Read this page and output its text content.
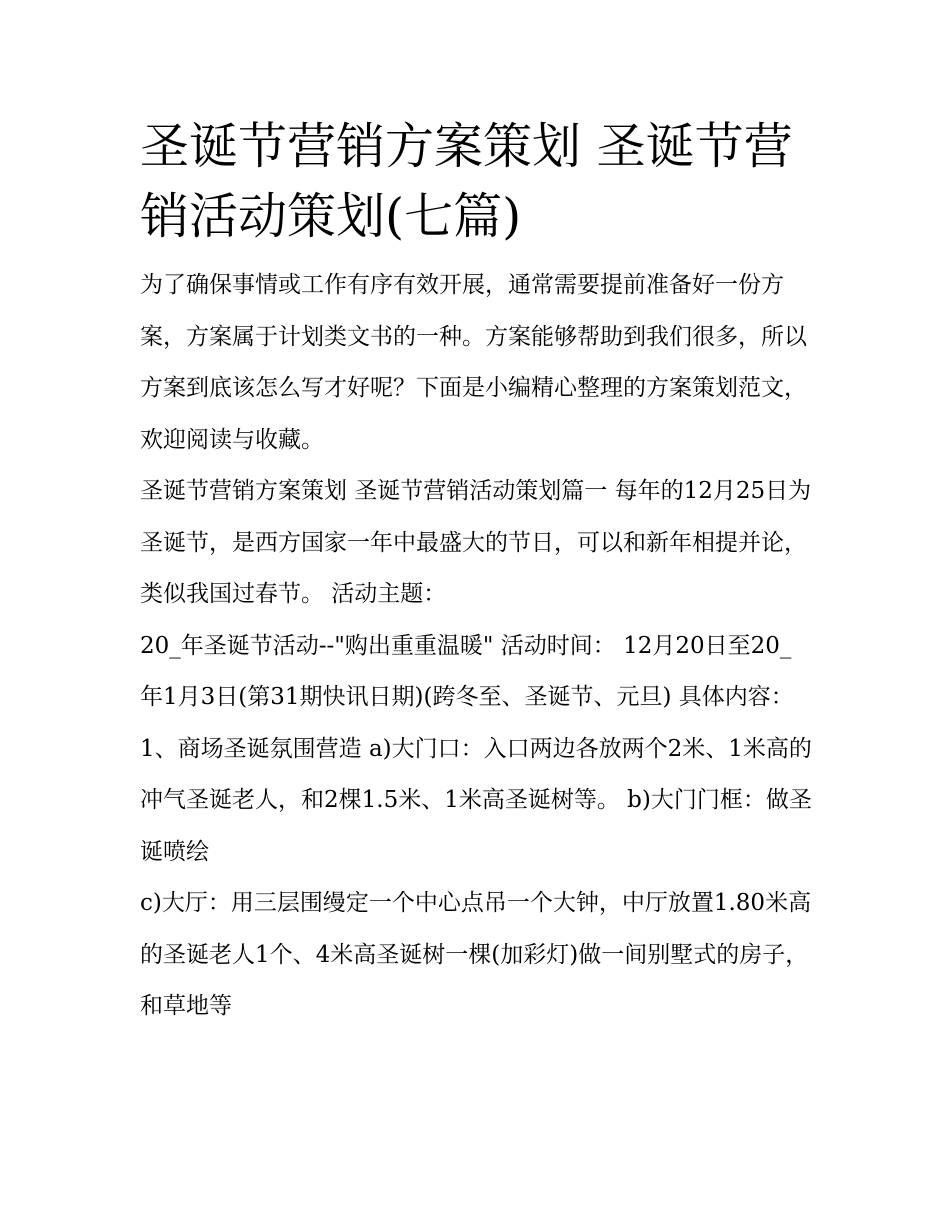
圣诞节营销方案策划 圣诞节营销活动策划(七篇)

为了确保事情或工作有序有效开展，通常需要提前准备好一份方案，方案属于计划类文书的一种。方案能够帮助到我们很多，所以方案到底该怎么写才好呢？下面是小编精心整理的方案策划范文，欢迎阅读与收藏。

圣诞节营销方案策划 圣诞节营销活动策划篇一 每年的12月25日为圣诞节，是西方国家一年中最盛大的节日，可以和新年相提并论，类似我国过春节。 活动主题：

20_年圣诞节活动--"购出重重温暖" 活动时间： 12月20日至20_年1月3日(第31期快讯日期)(跨冬至、圣诞节、元旦) 具体内容：

1、商场圣诞氛围营造 a)大门口：入口两边各放两个2米、1米高的冲气圣诞老人，和2棵1.5米、1米高圣诞树等。 b)大门门框：做圣诞喷绘

c)大厅：用三层围缦定一个中心点吊一个大钟，中厅放置1.80米高的圣诞老人1个、4米高圣诞树一棵(加彩灯)做一间别墅式的房子，和草地等
